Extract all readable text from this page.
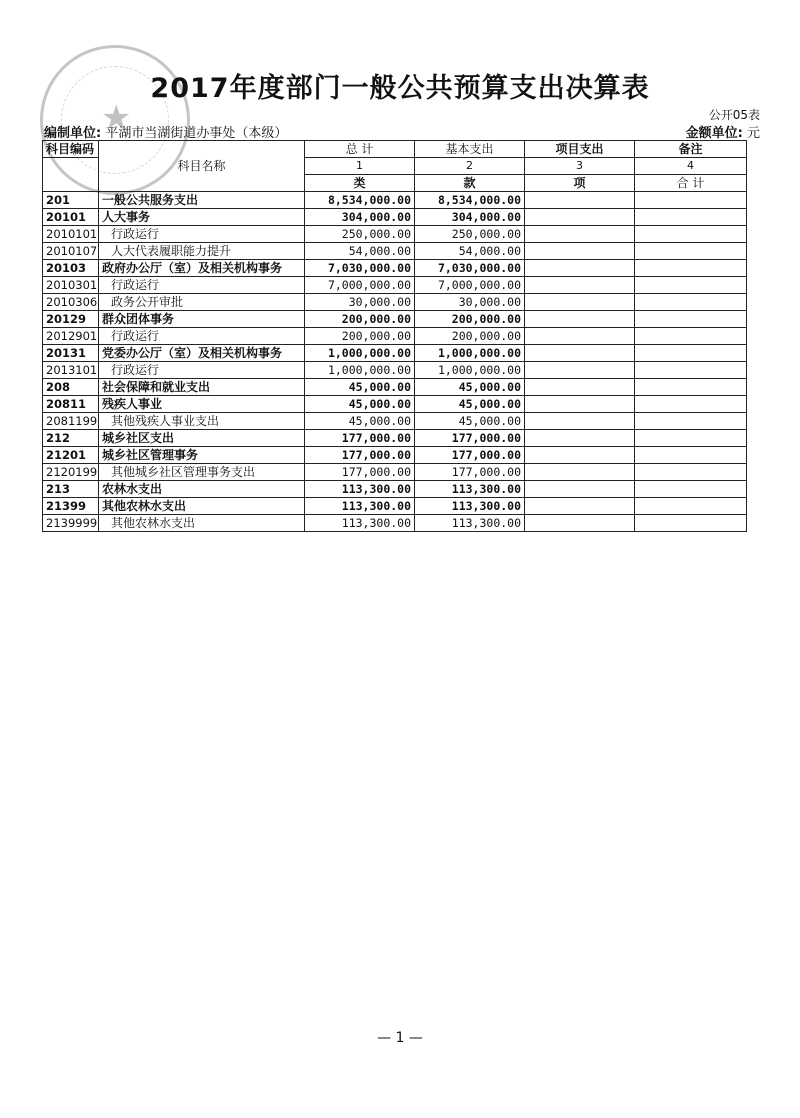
★
2017年度部门一般公共预算支出决算表
公开05表
编制单位: 平湖市当湖街道办事处（本级）	金额单位: 元
科目编码	科目名称	总 计	基本支出	项目支出	备注	
		1	2	3	4	
		类	款	项	合 计				
201	一般公共服务支出	8,534,000.00	8,534,000.00			
20101	人大事务	304,000.00	304,000.00			
2010101	行政运行	250,000.00	250,000.00			
2010107	人大代表履职能力提升	54,000.00	54,000.00			
20103	政府办公厅（室）及相关机构事务	7,030,000.00	7,030,000.00			
2010301	行政运行	7,000,000.00	7,000,000.00			
2010306	政务公开审批	30,000.00	30,000.00			
20129	群众团体事务	200,000.00	200,000.00			
2012901	行政运行	200,000.00	200,000.00			
20131	党委办公厅（室）及相关机构事务	1,000,000.00	1,000,000.00			
2013101	行政运行	1,000,000.00	1,000,000.00			
208	社会保障和就业支出	45,000.00	45,000.00			
20811	残疾人事业	45,000.00	45,000.00			
2081199	其他残疾人事业支出	45,000.00	45,000.00			
212	城乡社区支出	177,000.00	177,000.00			
21201	城乡社区管理事务	177,000.00	177,000.00			
2120199	其他城乡社区管理事务支出	177,000.00	177,000.00			
213	农林水支出	113,300.00	113,300.00			
21399	其他农林水支出	113,300.00	113,300.00			
2139999	其他农林水支出	113,300.00	113,300.00			
— 1 —
